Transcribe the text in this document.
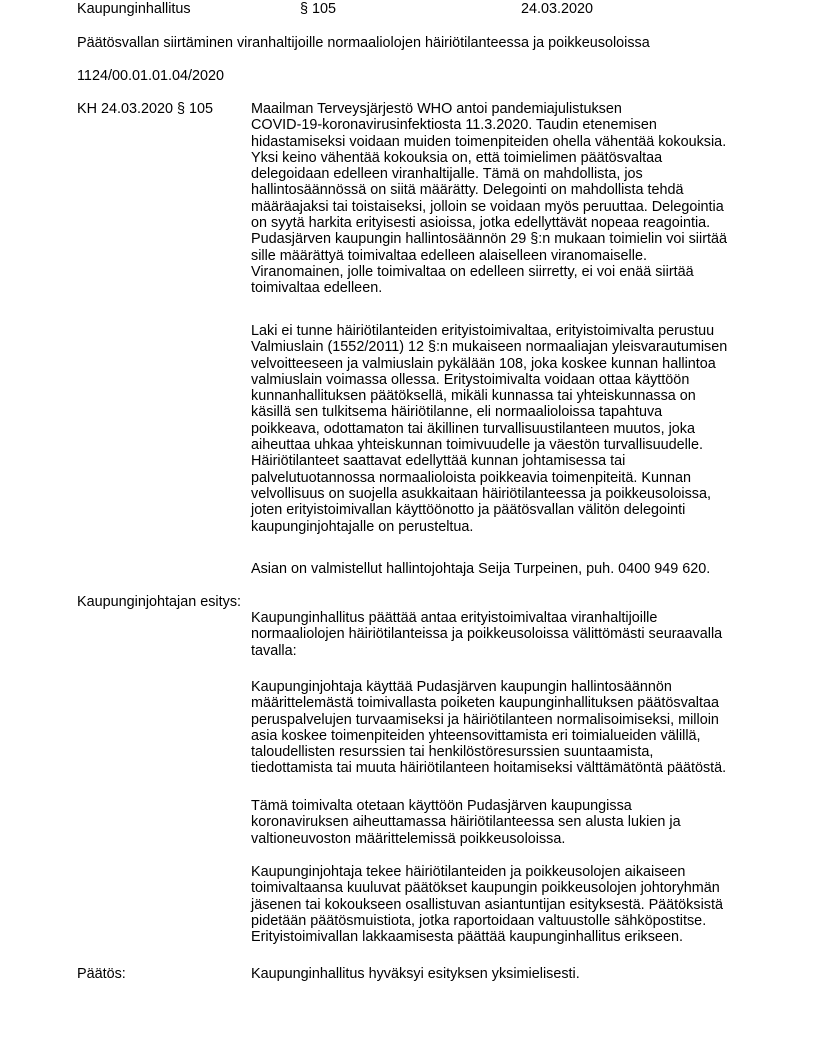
Kaupunginhallitus	§ 105	24.03.2020
Päätösvallan siirtäminen viranhaltijoille normaaliolojen häiriötilanteessa ja poikkeusoloissa
1124/00.01.01.04/2020
KH 24.03.2020 § 105	Maailman Terveysjärjestö WHO antoi pandemiajulistuksen
COVID-19-koronavirusinfektiosta 11.3.2020. Taudin etenemisen
hidastamiseksi voidaan muiden toimenpiteiden ohella vähentää kokouksia.
Yksi keino vähentää kokouksia on, että toimielimen päätösvaltaa
delegoidaan edelleen viranhaltijalle. Tämä on mahdollista, jos
hallintosäännössä on siitä määrätty. Delegointi on mahdollista tehdä
määräajaksi tai toistaiseksi, jolloin se voidaan myös peruuttaa. Delegointia
on syytä harkita erityisesti asioissa, jotka edellyttävät nopeaa reagointia.
Pudasjärven kaupungin hallintosäännön 29 §:n mukaan toimielin voi siirtää
sille määrättyä toimivaltaa edelleen alaiselleen viranomaiselle.
Viranomainen, jolle toimivaltaa on edelleen siirretty, ei voi enää siirtää
toimivaltaa edelleen.
Laki ei tunne häiriötilanteiden erityistoimivaltaa, erityistoimivalta perustuu
Valmiuslain (1552/2011) 12 §:n mukaiseen normaaliajan yleisvarautumisen
velvoitteeseen ja valmiuslain pykälään 108, joka koskee kunnan hallintoa
valmiuslain voimassa ollessa. Eritystoimivalta voidaan ottaa käyttöön
kunnanhallituksen päätöksellä, mikäli kunnassa tai yhteiskunnassa on
käsillä sen tulkitsema häiriötilanne, eli normaalioloissa tapahtuva
poikkeava, odottamaton tai äkillinen turvallisuustilanteen muutos, joka
aiheuttaa uhkaa yhteiskunnan toimivuudelle ja väestön turvallisuudelle.
Häiriötilanteet saattavat edellyttää kunnan johtamisessa tai
palvelutuotannossa normaalioloista poikkeavia toimenpiteitä. Kunnan
velvollisuus on suojella asukkaitaan häiriötilanteessa ja poikkeusoloissa,
joten erityistoimivallan käyttöönotto ja päätösvallan välitön delegointi
kaupunginjohtajalle on perusteltua.
Asian on valmistellut hallintojohtaja Seija Turpeinen, puh. 0400 949 620.
Kaupunginjohtajan esitys:
Kaupunginhallitus päättää antaa erityistoimivaltaa viranhaltijoille
normaaliolojen häiriötilanteissa ja poikkeusoloissa välittömästi seuraavalla
tavalla:
Kaupunginjohtaja käyttää Pudasjärven kaupungin hallintosäännön
määrittelemästä toimivallasta poiketen kaupunginhallituksen päätösvaltaa
peruspalvelujen turvaamiseksi ja häiriötilanteen normalisoimiseksi, milloin
asia koskee toimenpiteiden yhteensovittamista eri toimialueiden välillä,
taloudellisten resurssien tai henkilöstöresurssien suuntaamista,
tiedottamista tai muuta häiriötilanteen hoitamiseksi välttämätöntä päätöstä.
Tämä toimivalta otetaan käyttöön Pudasjärven kaupungissa
koronaviruksen aiheuttamassa häiriötilanteessa sen alusta lukien ja
valtioneuvoston määrittelemissä poikkeusoloissa.
Kaupunginjohtaja tekee häiriötilanteiden ja poikkeusolojen aikaiseen
toimivaltaansa kuuluvat päätökset kaupungin poikkeusolojen johtoryhmän
jäsenen tai kokoukseen osallistuvan asiantuntijan esityksestä. Päätöksistä
pidetään päätösmuistiota, jotka raportoidaan valtuustolle sähköpostitse.
Erityistoimivallan lakkaamisesta päättää kaupunginhallitus erikseen.
Päätös:	Kaupunginhallitus hyväksyi esityksen yksimielisesti.
